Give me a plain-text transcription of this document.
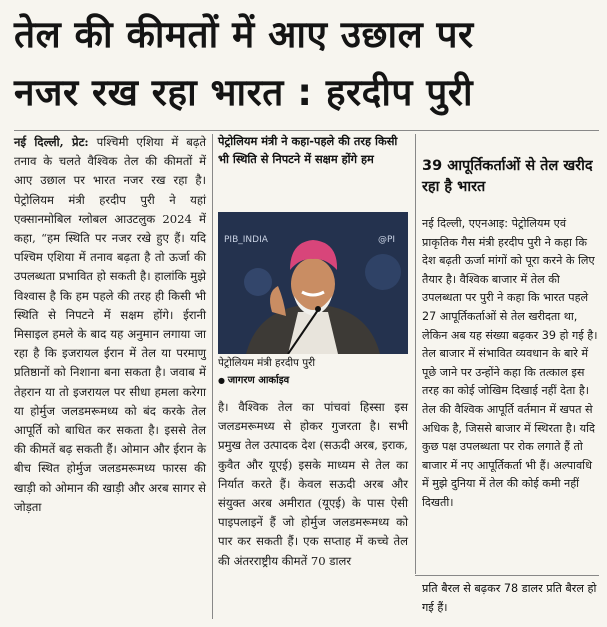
तेल की कीमतों में आए उछाल पर
नजर रख रहा भारत : हरदीप पुरी
नई दिल्ली, प्रेट: पश्चिमी एशिया में बढ़ते तनाव के चलते वैश्विक तेल की कीमतों में आए उछाल पर भारत नजर रख रहा है। पेट्रोलियम मंत्री हरदीप पुरी ने यहां एक्सानमोबिल ग्लोबल आउटलुक 2024 में कहा, “हम स्थिति पर नजर रखे हुए हैं। यदि पश्चिम एशिया में तनाव बढ़ता है तो ऊर्जा की उपलब्धता प्रभावित हो सकती है। हालांकि मुझे विश्वास है कि हम पहले की तरह ही किसी भी स्थिति से निपटने में सक्षम होंगे। ईरानी मिसाइल हमले के बाद यह अनुमान लगाया जा रहा है कि इजरायल ईरान में तेल या परमाणु प्रतिष्ठानों को निशाना बना सकता है। जवाब में तेहरान या तो इजरायल पर सीधा हमला करेगा या होर्मुज जलडमरूमध्य को बंद करके तेल आपूर्ति को बाधित कर सकता है। इससे तेल की कीमतें बढ़ सकती हैं। ओमान और ईरान के बीच स्थित होर्मुज जलडमरूमध्य फारस की खाड़ी को ओमान की खाड़ी और अरब सागर से जोड़ता
पेट्रोलियम मंत्री ने कहा-पहले की तरह किसी भी स्थिति से निपटने में सक्षम होंगे हम
PIB_INDIA	@PI
पेट्रोलियम मंत्री हरदीप पुरी
● जागरण आर्काइव
है। वैश्विक तेल का पांचवां हिस्सा इस जलडमरूमध्य से होकर गुजरता है। सभी प्रमुख तेल उत्पादक देश (सऊदी अरब, इराक, कुवैत और यूएई) इसके माध्यम से तेल का निर्यात करते हैं। केवल सऊदी अरब और संयुक्त अरब अमीरात (यूएई) के पास ऐसी पाइपलाइनें हैं जो होर्मुज जलडमरूमध्य को पार कर सकती हैं। एक सप्ताह में कच्चे तेल की अंतरराष्ट्रीय कीमतें 70 डालर
39 आपूर्तिकर्ताओं से तेल खरीद रहा है भारत
नई दिल्ली, एएनआइ: पेट्रोलियम एवं प्राकृतिक गैस मंत्री हरदीप पुरी ने कहा कि देश बढ़ती ऊर्जा मांगों को पूरा करने के लिए तैयार है। वैश्विक बाजार में तेल की उपलब्धता पर पुरी ने कहा कि भारत पहले 27 आपूर्तिकर्ताओं से तेल खरीदता था, लेकिन अब यह संख्या बढ़कर 39 हो गई है। तेल बाजार में संभावित व्यवधान के बारे में पूछे जाने पर उन्होंने कहा कि तत्काल इस तरह का कोई जोखिम दिखाई नहीं देता है। तेल की वैश्विक आपूर्ति वर्तमान में खपत से अधिक है, जिससे बाजार में स्थिरता है। यदि कुछ पक्ष उपलब्धता पर रोक लगाते हैं तो बाजार में नए आपूर्तिकर्ता भी हैं। अल्पावधि में मुझे दुनिया में तेल की कोई कमी नहीं दिखती।
प्रति बैरल से बढ़कर 78 डालर प्रति बैरल हो गई हैं।
